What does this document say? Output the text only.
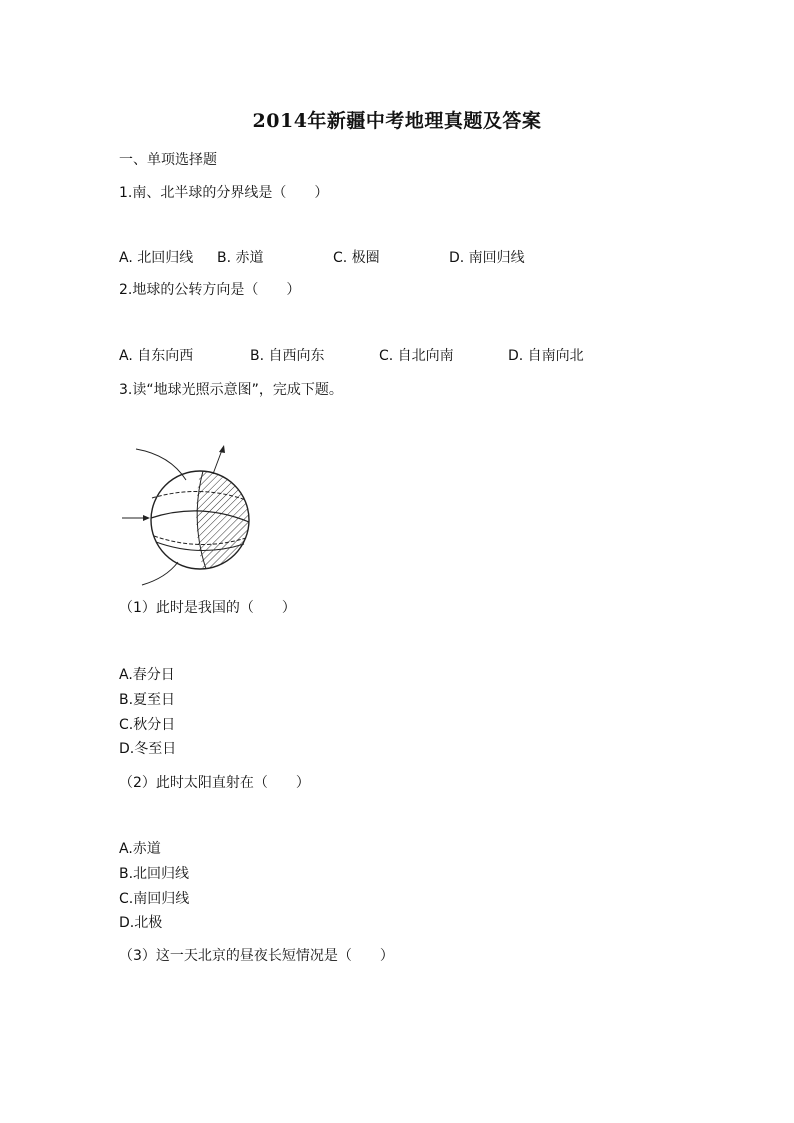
2014年新疆中考地理真题及答案
一、单项选择题
1.南、北半球的分界线是（　　）
A. 北回归线 B. 赤道	C. 极圈	D. 南回归线
2.地球的公转方向是（　　）
A. 自东向西	B. 自西向东	C. 自北向南	D. 自南向北
3.读“地球光照示意图”，完成下题。
（1）此时是我国的（　　）
A.春分日
B.夏至日
C.秋分日
D.冬至日
（2）此时太阳直射在（　　）
A.赤道
B.北回归线
C.南回归线
D.北极
（3）这一天北京的昼夜长短情况是（　　）
